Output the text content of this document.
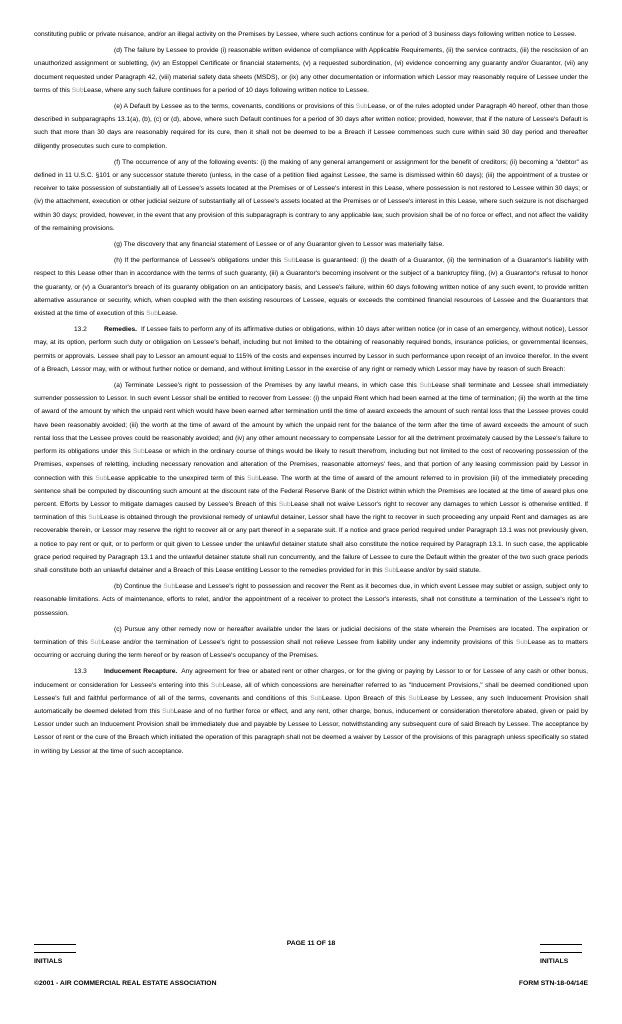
constituting public or private nuisance, and/or an illegal activity on the Premises by Lessee, where such actions continue for a period of 3 business days following written notice to Lessee.

(d) The failure by Lessee to provide (i) reasonable written evidence of compliance with Applicable Requirements, (ii) the service contracts, (iii) the rescission of an unauthorized assignment or subletting, (iv) an Estoppel Certificate or financial statements, (v) a requested subordination, (vi) evidence concerning any guaranty and/or Guarantor, (vii) any document requested under Paragraph 42, (viii) material safety data sheets (MSDS), or (ix) any other documentation or information which Lessor may reasonably require of Lessee under the terms of this SubLease, where any such failure continues for a period of 10 days following written notice to Lessee.

(e) A Default by Lessee as to the terms, covenants, conditions or provisions of this SubLease, or of the rules adopted under Paragraph 40 hereof, other than those described in subparagraphs 13.1(a), (b), (c) or (d), above, where such Default continues for a period of 30 days after written notice; provided, however, that if the nature of Lessee's Default is such that more than 30 days are reasonably required for its cure, then it shall not be deemed to be a Breach if Lessee commences such cure within said 30 day period and thereafter diligently prosecutes such cure to completion.

(f) The occurrence of any of the following events: (i) the making of any general arrangement or assignment for the benefit of creditors; (ii) becoming a "debtor" as defined in 11 U.S.C. §101 or any successor statute thereto (unless, in the case of a petition filed against Lessee, the same is dismissed within 60 days); (iii) the appointment of a trustee or receiver to take possession of substantially all of Lessee's assets located at the Premises or of Lessee's interest in this Lease, where possession is not restored to Lessee within 30 days; or (iv) the attachment, execution or other judicial seizure of substantially all of Lessee's assets located at the Premises or of Lessee's interest in this Lease, where such seizure is not discharged within 30 days; provided, however, in the event that any provision of this subparagraph is contrary to any applicable law, such provision shall be of no force or effect, and not affect the validity of the remaining provisions.

(g) The discovery that any financial statement of Lessee or of any Guarantor given to Lessor was materially false.

(h) If the performance of Lessee's obligations under this SubLease is guaranteed: (i) the death of a Guarantor, (ii) the termination of a Guarantor's liability with respect to this Lease other than in accordance with the terms of such guaranty, (iii) a Guarantor's becoming insolvent or the subject of a bankruptcy filing, (iv) a Guarantor's refusal to honor the guaranty, or (v) a Guarantor's breach of its guaranty obligation on an anticipatory basis, and Lessee's failure, within 60 days following written notice of any such event, to provide written alternative assurance or security, which, when coupled with the then existing resources of Lessee, equals or exceeds the combined financial resources of Lessee and the Guarantors that existed at the time of execution of this SubLease.

13.2	Remedies. If Lessee fails to perform any of its affirmative duties or obligations, within 10 days after written notice (or in case of an emergency, without notice), Lessor may, at its option, perform such duty or obligation on Lessee's behalf, including but not limited to the obtaining of reasonably required bonds, insurance policies, or governmental licenses, permits or approvals. Lessee shall pay to Lessor an amount equal to 115% of the costs and expenses incurred by Lessor in such performance upon receipt of an invoice therefor. In the event of a Breach, Lessor may, with or without further notice or demand, and without limiting Lessor in the exercise of any right or remedy which Lessor may have by reason of such Breach:

(a) Terminate Lessee's right to possession of the Premises by any lawful means, in which case this SubLease shall terminate and Lessee shall immediately surrender possession to Lessor. In such event Lessor shall be entitled to recover from Lessee: (i) the unpaid Rent which had been earned at the time of termination; (ii) the worth at the time of award of the amount by which the unpaid rent which would have been earned after termination until the time of award exceeds the amount of such rental loss that the Lessee proves could have been reasonably avoided; (iii) the worth at the time of award of the amount by which the unpaid rent for the balance of the term after the time of award exceeds the amount of such rental loss that the Lessee proves could be reasonably avoided; and (iv) any other amount necessary to compensate Lessor for all the detriment proximately caused by the Lessee's failure to perform its obligations under this SubLease or which in the ordinary course of things would be likely to result therefrom, including but not limited to the cost of recovering possession of the Premises, expenses of reletting, including necessary renovation and alteration of the Premises, reasonable attorneys' fees, and that portion of any leasing commission paid by Lessor in connection with this SubLease applicable to the unexpired term of this SubLease. The worth at the time of award of the amount referred to in provision (iii) of the immediately preceding sentence shall be computed by discounting such amount at the discount rate of the Federal Reserve Bank of the District within which the Premises are located at the time of award plus one percent. Efforts by Lessor to mitigate damages caused by Lessee's Breach of this SubLease shall not waive Lessor's right to recover any damages to which Lessor is otherwise entitled. If termination of this SubLease is obtained through the provisional remedy of unlawful detainer, Lessor shall have the right to recover in such proceeding any unpaid Rent and damages as are recoverable therein, or Lessor may reserve the right to recover all or any part thereof in a separate suit. If a notice and grace period required under Paragraph 13.1 was not previously given, a notice to pay rent or quit, or to perform or quit given to Lessee under the unlawful detainer statute shall also constitute the notice required by Paragraph 13.1. In such case, the applicable grace period required by Paragraph 13.1 and the unlawful detainer statute shall run concurrently, and the failure of Lessee to cure the Default within the greater of the two such grace periods shall constitute both an unlawful detainer and a Breach of this Lease entitling Lessor to the remedies provided for in this SubLease and/or by said statute.

(b) Continue the SubLease and Lessee's right to possession and recover the Rent as it becomes due, in which event Lessee may sublet or assign, subject only to reasonable limitations. Acts of maintenance, efforts to relet, and/or the appointment of a receiver to protect the Lessor's interests, shall not constitute a termination of the Lessee's right to possession.

(c) Pursue any other remedy now or hereafter available under the laws or judicial decisions of the state wherein the Premises are located. The expiration or termination of this SubLease and/or the termination of Lessee's right to possession shall not relieve Lessee from liability under any indemnity provisions of this SubLease as to matters occurring or accruing during the term hereof or by reason of Lessee's occupancy of the Premises.

13.3	Inducement Recapture. Any agreement for free or abated rent or other charges, or for the giving or paying by Lessor to or for Lessee of any cash or other bonus, inducement or consideration for Lessee's entering into this SubLease, all of which concessions are hereinafter referred to as "Inducement Provisions," shall be deemed conditioned upon Lessee's full and faithful performance of all of the terms, covenants and conditions of this SubLease. Upon Breach of this SubLease by Lessee, any such Inducement Provision shall automatically be deemed deleted from this SubLease and of no further force or effect, and any rent, other charge, bonus, inducement or consideration theretofore abated, given or paid by Lessor under such an Inducement Provision shall be immediately due and payable by Lessee to Lessor, notwithstanding any subsequent cure of said Breach by Lessee. The acceptance by Lessor of rent or the cure of the Breach which initiated the operation of this paragraph shall not be deemed a waiver by Lessor of the provisions of this paragraph unless specifically so stated in writing by Lessor at the time of such acceptance.

PAGE 11 OF 18
INITIALS	INITIALS
©2001 - AIR COMMERCIAL REAL ESTATE ASSOCIATION	FORM STN-18-04/14E
